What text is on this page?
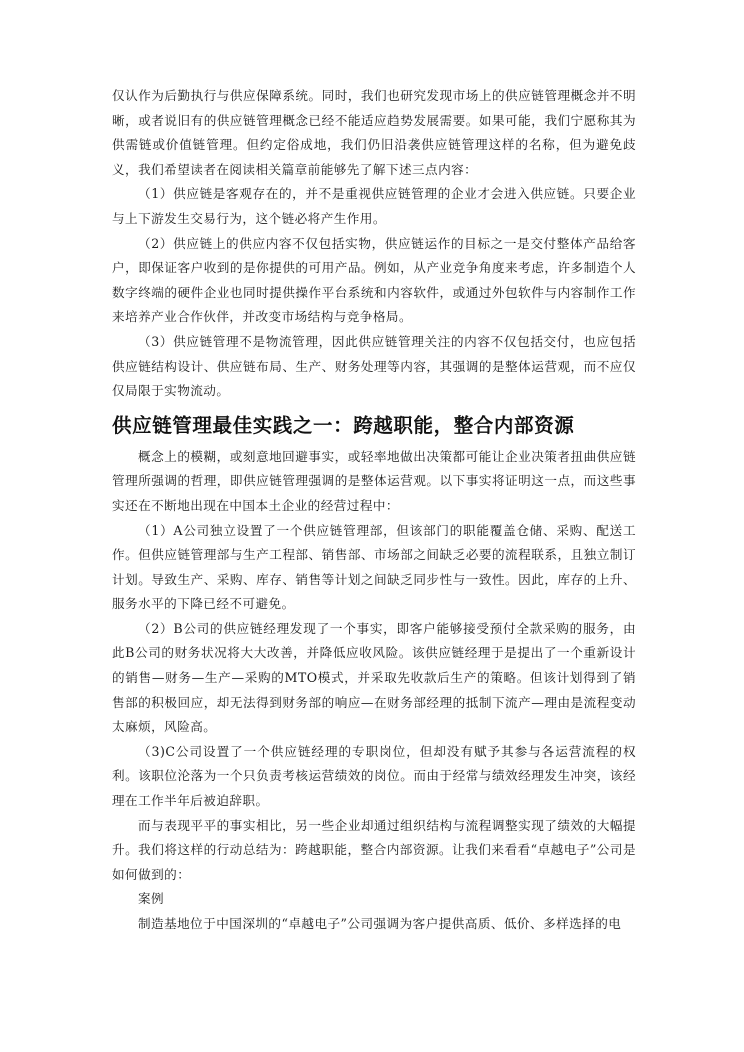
仅认作为后勤执行与供应保障系统。同时，我们也研究发现市场上的供应链管理概念并不明晰，或者说旧有的供应链管理概念已经不能适应趋势发展需要。如果可能，我们宁愿称其为供需链或价值链管理。但约定俗成地，我们仍旧沿袭供应链管理这样的名称，但为避免歧义，我们希望读者在阅读相关篇章前能够先了解下述三点内容：

（1）供应链是客观存在的，并不是重视供应链管理的企业才会进入供应链。只要企业与上下游发生交易行为，这个链必将产生作用。

（2）供应链上的供应内容不仅包括实物，供应链运作的目标之一是交付整体产品给客户，即保证客户收到的是你提供的可用产品。例如，从产业竞争角度来考虑，许多制造个人数字终端的硬件企业也同时提供操作平台系统和内容软件，或通过外包软件与内容制作工作来培养产业合作伙伴，并改变市场结构与竞争格局。

（3）供应链管理不是物流管理，因此供应链管理关注的内容不仅包括交付，也应包括供应链结构设计、供应链布局、生产、财务处理等内容，其强调的是整体运营观，而不应仅仅局限于实物流动。

供应链管理最佳实践之一：跨越职能，整合内部资源

概念上的模糊，或刻意地回避事实，或轻率地做出决策都可能让企业决策者扭曲供应链管理所强调的哲理，即供应链管理强调的是整体运营观。以下事实将证明这一点，而这些事实还在不断地出现在中国本土企业的经营过程中：

（1）A公司独立设置了一个供应链管理部，但该部门的职能覆盖仓储、采购、配送工作。但供应链管理部与生产工程部、销售部、市场部之间缺乏必要的流程联系，且独立制订计划。导致生产、采购、库存、销售等计划之间缺乏同步性与一致性。因此，库存的上升、服务水平的下降已经不可避免。

（2）B公司的供应链经理发现了一个事实，即客户能够接受预付全款采购的服务，由此B公司的财务状况将大大改善，并降低应收风险。该供应链经理于是提出了一个重新设计的销售—财务—生产—采购的MTO模式，并采取先收款后生产的策略。但该计划得到了销售部的积极回应，却无法得到财务部的响应—在财务部经理的抵制下流产—理由是流程变动太麻烦，风险高。

（3)C公司设置了一个供应链经理的专职岗位，但却没有赋予其参与各运营流程的权利。该职位沦落为一个只负责考核运营绩效的岗位。而由于经常与绩效经理发生冲突，该经理在工作半年后被迫辞职。

而与表现平平的事实相比，另一些企业却通过组织结构与流程调整实现了绩效的大幅提升。我们将这样的行动总结为：跨越职能，整合内部资源。让我们来看看“卓越电子”公司是如何做到的：

案例

制造基地位于中国深圳的“卓越电子”公司强调为客户提供高质、低价、多样选择的电
